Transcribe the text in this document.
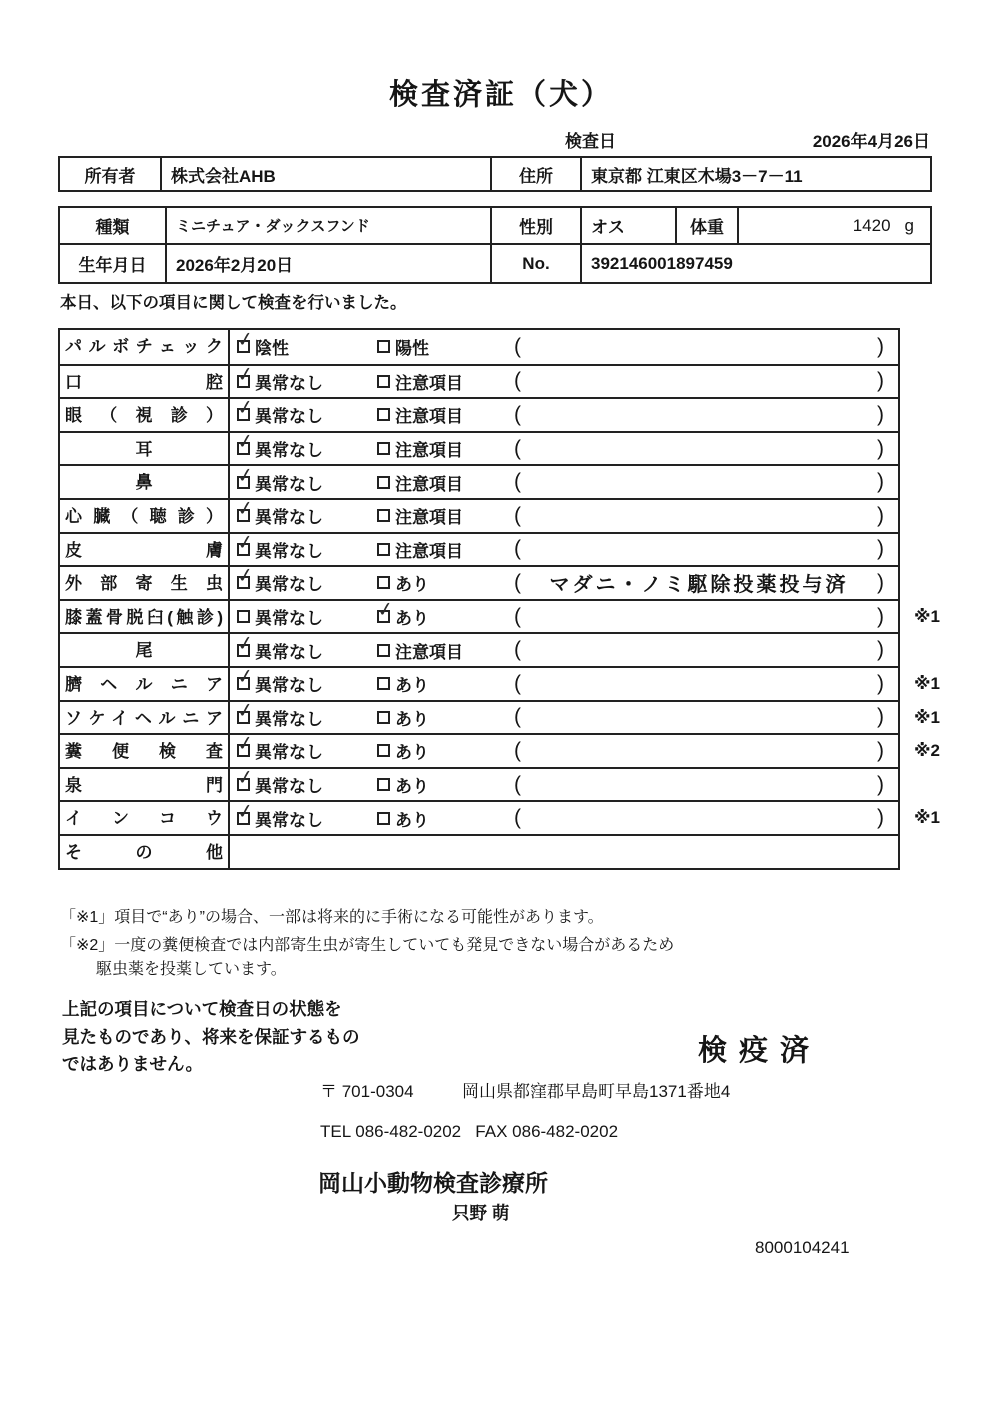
検査済証（犬）
検査日	2026年4月26日
所有者	株式会社AHB	住所	東京都 江東区木場3－7－11
種類	ミニチュア・ダックスフンド	性別	オス	体重	1420 g
生年月日	2026年2月20日	No.	392146001897459
本日、以下の項目に関して検査を行いました。
パルボチェック ✓ 陰性	陽性	(	)
口腔 ✓ 異常なし	注意項目 (	)
眼（視診） ✓ 異常なし	注意項目 (	)
耳	✓ 異常なし	注意項目 (	)
鼻	✓ 異常なし	注意項目 (	)
心臓（聴診） ✓ 異常なし	注意項目 (	)
皮膚 ✓ 異常なし	注意項目 (	)
外部寄生虫 ✓ 異常なし	あり	(	マダニ・ノミ駆除投薬投与済	)
膝蓋骨脱臼(触診)	異常なし	✓ あり	(	) ※1
尾	✓ 異常なし	注意項目 (	)
臍ヘルニア ✓ 異常なし	あり	(	) ※1
ソケイヘルニア ✓ 異常なし	あり	(	) ※1
糞便検査 ✓ 異常なし	あり	(	) ※2
泉門 ✓ 異常なし	あり	(	)
インコウ ✓ 異常なし	あり	(	) ※1
その他
「※1」項目で“あり”の場合、一部は将来的に手術になる可能性があります。
「※2」一度の糞便検査では内部寄生虫が寄生していても発見できない場合があるため
駆虫薬を投薬しています。
上記の項目について検査日の状態を
見たものであり、将来を保証するもの
ではありません。	検疫済
〒 701-0304	岡山県都窪郡早島町早島1371番地4
TEL 086-482-0202   FAX 086-482-0202
岡山小動物検査診療所
只野 萌
8000104241
